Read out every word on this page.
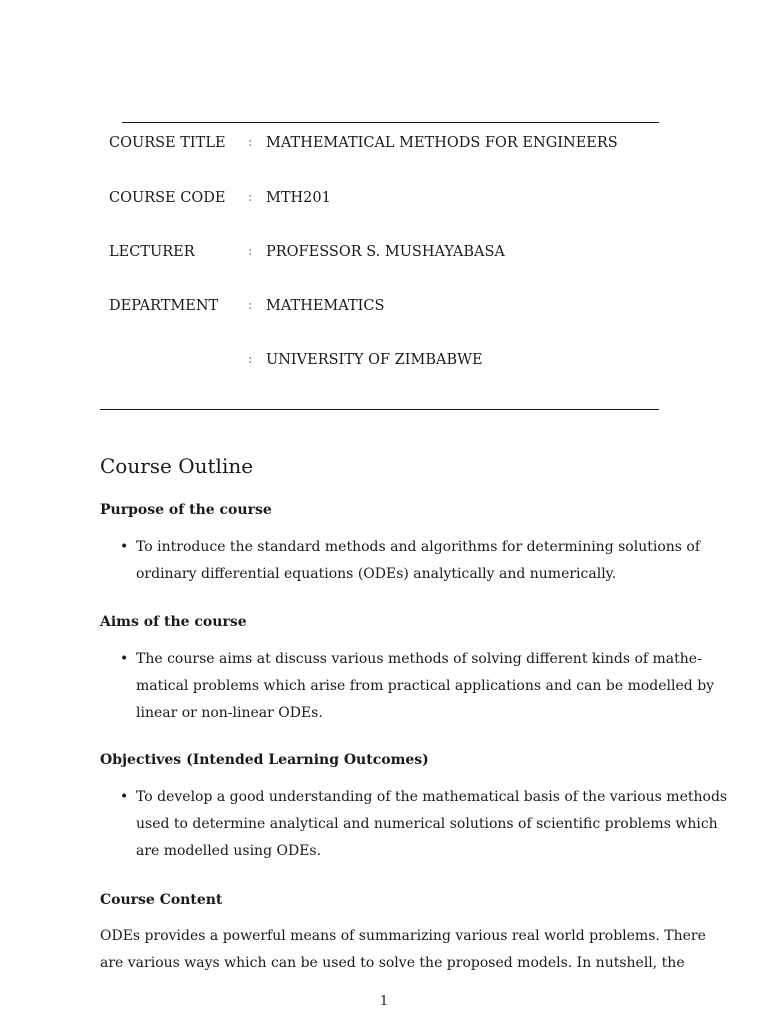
COURSE TITLE : MATHEMATICAL METHODS FOR ENGINEERS
COURSE CODE : MTH201
LECTURER	: PROFESSOR S. MUSHAYABASA
DEPARTMENT : MATHEMATICS
: UNIVERSITY OF ZIMBABWE
Course Outline
Purpose of the course
• To introduce the standard methods and algorithms for determining solutions of
ordinary differential equations (ODEs) analytically and numerically.
Aims of the course
• The course aims at discuss various methods of solving different kinds of mathe-
matical problems which arise from practical applications and can be modelled by
linear or non-linear ODEs.
Objectives (Intended Learning Outcomes)
• To develop a good understanding of the mathematical basis of the various methods
used to determine analytical and numerical solutions of scientific problems which
are modelled using ODEs.
Course Content
ODEs provides a powerful means of summarizing various real world problems. There
are various ways which can be used to solve the proposed models. In nutshell, the
1
